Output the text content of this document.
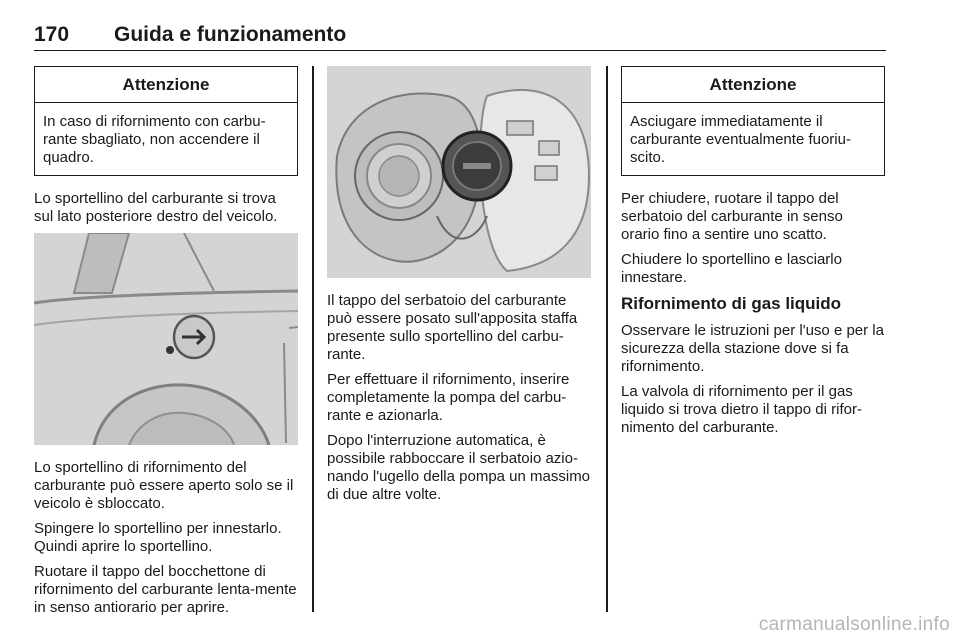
170 Guida e funzionamento
Attenzione
In caso di rifornimento con carbu-rante sbagliato, non accendere il quadro.

Lo sportellino del carburante si trova sul lato posteriore destro del veicolo.

Lo sportellino di rifornimento del carburante può essere aperto solo se il veicolo è sbloccato.

Spingere lo sportellino per innestarlo. Quindi aprire lo sportellino.

Ruotare il tappo del bocchettone di rifornimento del carburante lenta-mente in senso antiorario per aprire.

Il tappo del serbatoio del carburante può essere posato sull'apposita staffa presente sullo sportellino del carbu-rante.

Per effettuare il rifornimento, inserire completamente la pompa del carbu-rante e azionarla.

Dopo l'interruzione automatica, è possibile rabboccare il serbatoio azio-nando l'ugello della pompa un massimo di due altre volte.

Attenzione
Asciugare immediatamente il carburante eventualmente fuoriu-scito.

Per chiudere, ruotare il tappo del serbatoio del carburante in senso orario fino a sentire uno scatto.

Chiudere lo sportellino e lasciarlo innestare.

Rifornimento di gas liquido

Osservare le istruzioni per l'uso e per la sicurezza della stazione dove si fa rifornimento.

La valvola di rifornimento per il gas liquido si trova dietro il tappo di rifor-nimento del carburante.

carmanualsonline.info
